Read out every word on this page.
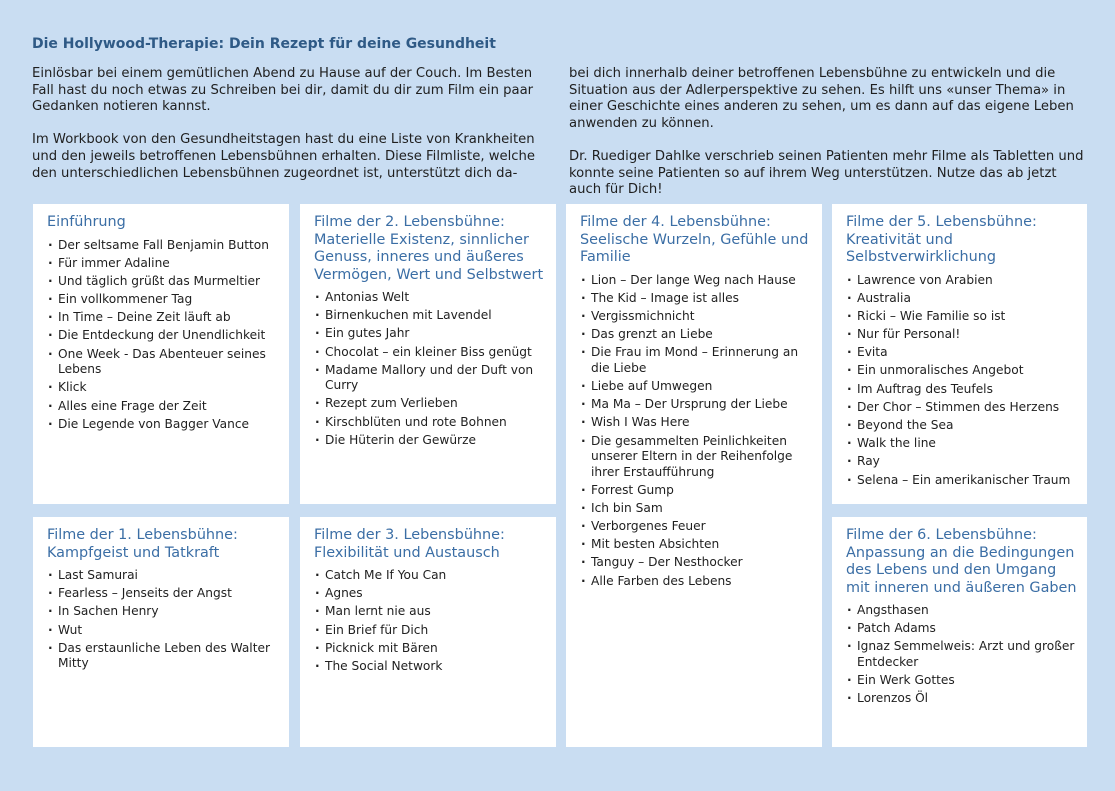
Die Hollywood-Therapie: Dein Rezept für deine Gesundheit

Einlösbar bei einem gemütlichen Abend zu Hause auf der Couch. Im Besten Fall hast du noch etwas zu Schreiben bei dir, damit du dir zum Film ein paar Gedanken notieren kannst.

Im Workbook von den Gesundheitstagen hast du eine Liste von Krankheiten und den jeweils betroffenen Lebensbühnen erhalten. Diese Filmliste, welche den unterschiedlichen Lebensbühnen zugeordnet ist, unterstützt dich da-

bei dich innerhalb deiner betroffenen Lebensbühne zu entwickeln und die Situation aus der Adlerperspektive zu sehen. Es hilft uns «unser Thema» in einer Geschichte eines anderen zu sehen, um es dann auf das eigene Leben anwenden zu können.

Dr. Ruediger Dahlke verschrieb seinen Patienten mehr Filme als Tabletten und konnte seine Patienten so auf ihrem Weg unterstützen. Nutze das ab jetzt auch für Dich!

Einführung
· Der seltsame Fall Benjamin Button
· Für immer Adaline
· Und täglich grüßt das Murmeltier
· Ein vollkommener Tag
· In Time – Deine Zeit läuft ab
· Die Entdeckung der Unendlichkeit
· One Week - Das Abenteuer seines Lebens
· Klick
· Alles eine Frage der Zeit
· Die Legende von Bagger Vance
Filme der 2. Lebensbühne: Materielle Existenz, sinnlicher Genuss, inneres und äußeres Vermögen, Wert und Selbstwert
· Antonias Welt
· Birnenkuchen mit Lavendel
· Ein gutes Jahr
· Chocolat – ein kleiner Biss genügt
· Madame Mallory und der Duft von Curry
· Rezept zum Verlieben
· Kirschblüten und rote Bohnen
· Die Hüterin der Gewürze
Filme der 4. Lebensbühne: Seelische Wurzeln, Gefühle und Familie
· Lion – Der lange Weg nach Hause
· The Kid – Image ist alles
· Vergissmichnicht
· Das grenzt an Liebe
· Die Frau im Mond – Erinnerung an die Liebe
· Liebe auf Umwegen
· Ma Ma – Der Ursprung der Liebe
· Wish I Was Here
· Die gesammelten Peinlichkeiten unserer Eltern in der Reihenfolge ihrer Erstaufführung
· Forrest Gump
· Ich bin Sam
· Verborgenes Feuer
· Mit besten Absichten
· Tanguy – Der Nesthocker
· Alle Farben des Lebens
Filme der 5. Lebensbühne: Kreativität und Selbstverwirklichung
· Lawrence von Arabien
· Australia
· Ricki – Wie Familie so ist
· Nur für Personal!
· Evita
· Ein unmoralisches Angebot
· Im Auftrag des Teufels
· Der Chor – Stimmen des Herzens
· Beyond the Sea
· Walk the line
· Ray
· Selena – Ein amerikanischer Traum
Filme der 1. Lebensbühne: Kampfgeist und Tatkraft
· Last Samurai
· Fearless – Jenseits der Angst
· In Sachen Henry
· Wut
· Das erstaunliche Leben des Walter Mitty
Filme der 3. Lebensbühne: Flexibilität und Austausch
· Catch Me If You Can
· Agnes
· Man lernt nie aus
· Ein Brief für Dich
· Picknick mit Bären
· The Social Network
Filme der 6. Lebensbühne: Anpassung an die Bedingungen des Lebens und den Umgang mit inneren und äußeren Gaben
· Angsthasen
· Patch Adams
· Ignaz Semmelweis: Arzt und großer Entdecker
· Ein Werk Gottes
· Lorenzos Öl
